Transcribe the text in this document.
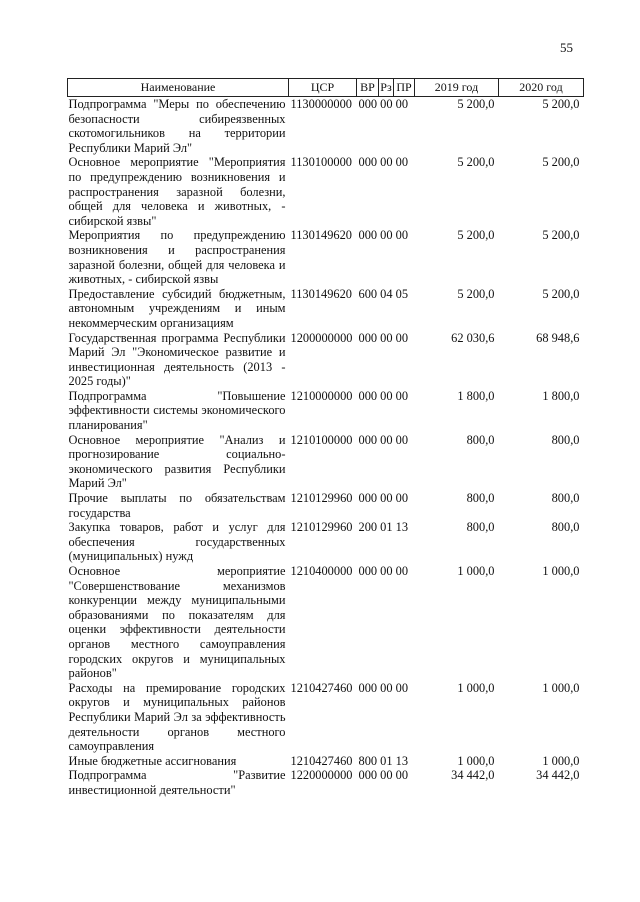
55
Наименование	ЦСР	ВР	Рз	ПР	2019 год	2020 год
Подпрограмма "Меры по обеспечению безопасности сибиреязвенных скотомогильников на территории Республики Марий Эл"	1130000000	000 00 00			5 200,0	5 200,0
Основное мероприятие "Мероприятия по предупреждению возникновения и распространения заразной болезни, общей для человека и животных, - сибирской язвы"	1130100000	000 00 00			5 200,0	5 200,0
Мероприятия по предупреждению возникновения и распространения заразной болезни, общей для человека и животных, - сибирской язвы	1130149620	000 00 00			5 200,0	5 200,0
Предоставление субсидий бюджетным, автономным учреждениям и иным некоммерческим организациям	1130149620	600 04 05			5 200,0	5 200,0
Государственная программа Республики Марий Эл "Экономическое развитие и инвестиционная деятельность (2013 - 2025 годы)"	1200000000	000 00 00			62 030,6	68 948,6
Подпрограмма "Повышение эффективности системы экономического планирования"	1210000000	000 00 00			1 800,0	1 800,0
Основное мероприятие "Анализ и прогнозирование социально-экономического развития Республики Марий Эл"	1210100000	000 00 00			800,0	800,0
Прочие выплаты по обязательствам государства	1210129960	000 00 00			800,0	800,0
Закупка товаров, работ и услуг для обеспечения государственных (муниципальных) нужд	1210129960	200 01 13			800,0	800,0
Основное мероприятие "Совершенствование механизмов конкуренции между муниципальными образованиями по показателям для оценки эффективности деятельности органов местного самоуправления городских округов и муниципальных районов"	1210400000	000 00 00			1 000,0	1 000,0
Расходы на премирование городских округов и муниципальных районов Республики Марий Эл за эффективность деятельности органов местного самоуправления	1210427460	000 00 00			1 000,0	1 000,0
Иные бюджетные ассигнования	1210427460	800 01 13			1 000,0	1 000,0
Подпрограмма "Развитие инвестиционной деятельности"	1220000000	000 00 00			34 442,0	34 442,0
